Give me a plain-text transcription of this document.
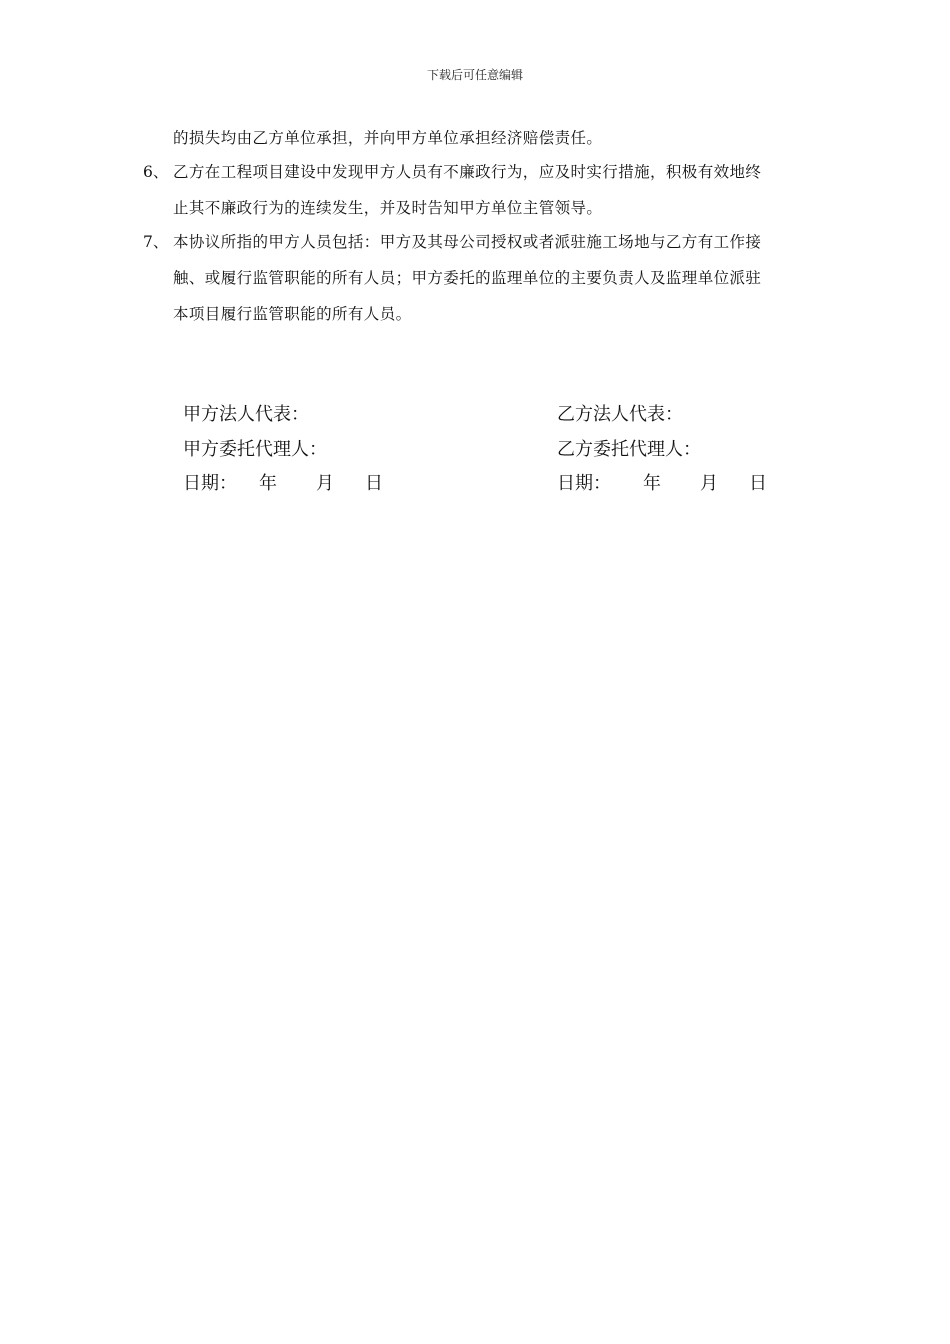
下载后可任意编辑
的损失均由乙方单位承担，并向甲方单位承担经济赔偿责任。
6、 乙方在工程项目建设中发现甲方人员有不廉政行为，应及时实行措施，积极有效地终
止其不廉政行为的连续发生，并及时告知甲方单位主管领导。
7、 本协议所指的甲方人员包括：甲方及其母公司授权或者派驻施工场地与乙方有工作接
触、或履行监管职能的所有人员；甲方委托的监理单位的主要负责人及监理单位派驻
本项目履行监管职能的所有人员。
甲方法人代表：
甲方委托代理人：
日期： 年 月 日
乙方法人代表：
乙方委托代理人：
日期： 年 月 日
